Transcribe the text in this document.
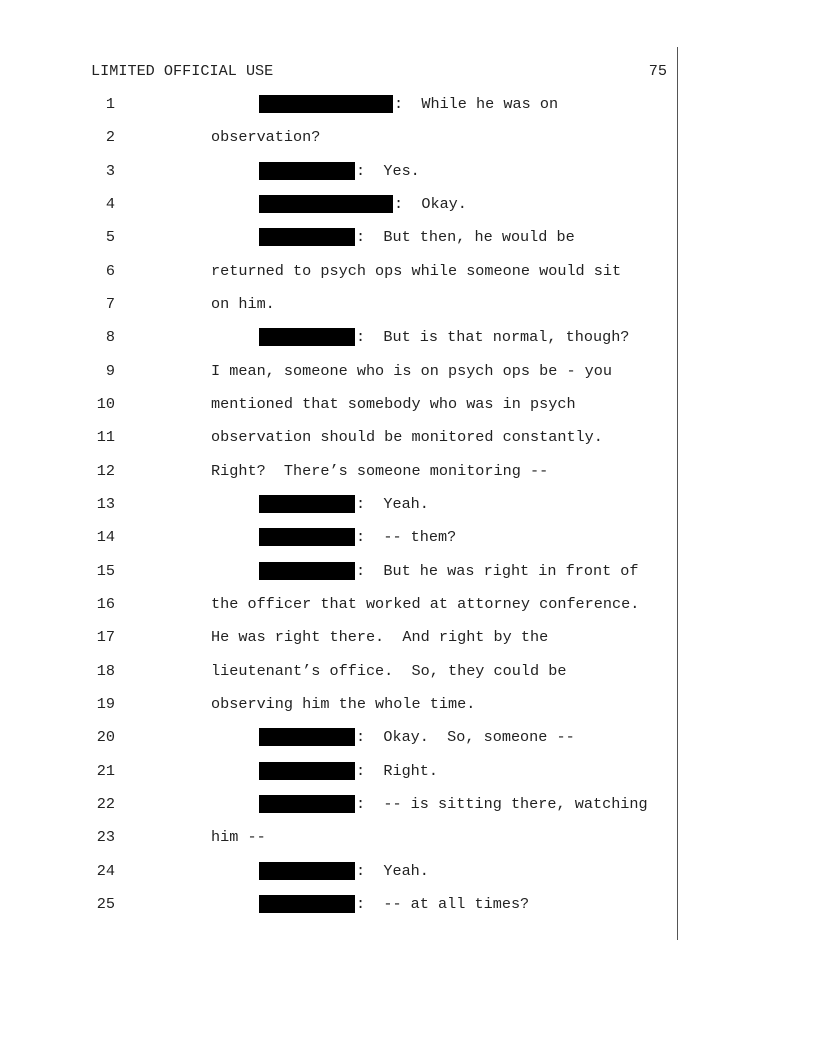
LIMITED OFFICIAL USE	75
1	:  While he was on
2	observation?
3	:  Yes.
4	:  Okay.
5	:  But then, he would be
6	returned to psych ops while someone would sit
7	on him.
8	:  But is that normal, though?
9	I mean, someone who is on psych ops be - you
10	mentioned that somebody who was in psych
11	observation should be monitored constantly.
12	Right?  There’s someone monitoring --
13	:  Yeah.
14	:  -- them?
15	:  But he was right in front of
16	the officer that worked at attorney conference.
17	He was right there.  And right by the
18	lieutenant’s office.  So, they could be
19	observing him the whole time.
20	:  Okay.  So, someone --
21	:  Right.
22	:  -- is sitting there, watching
23	him --
24	:  Yeah.
25	:  -- at all times?
